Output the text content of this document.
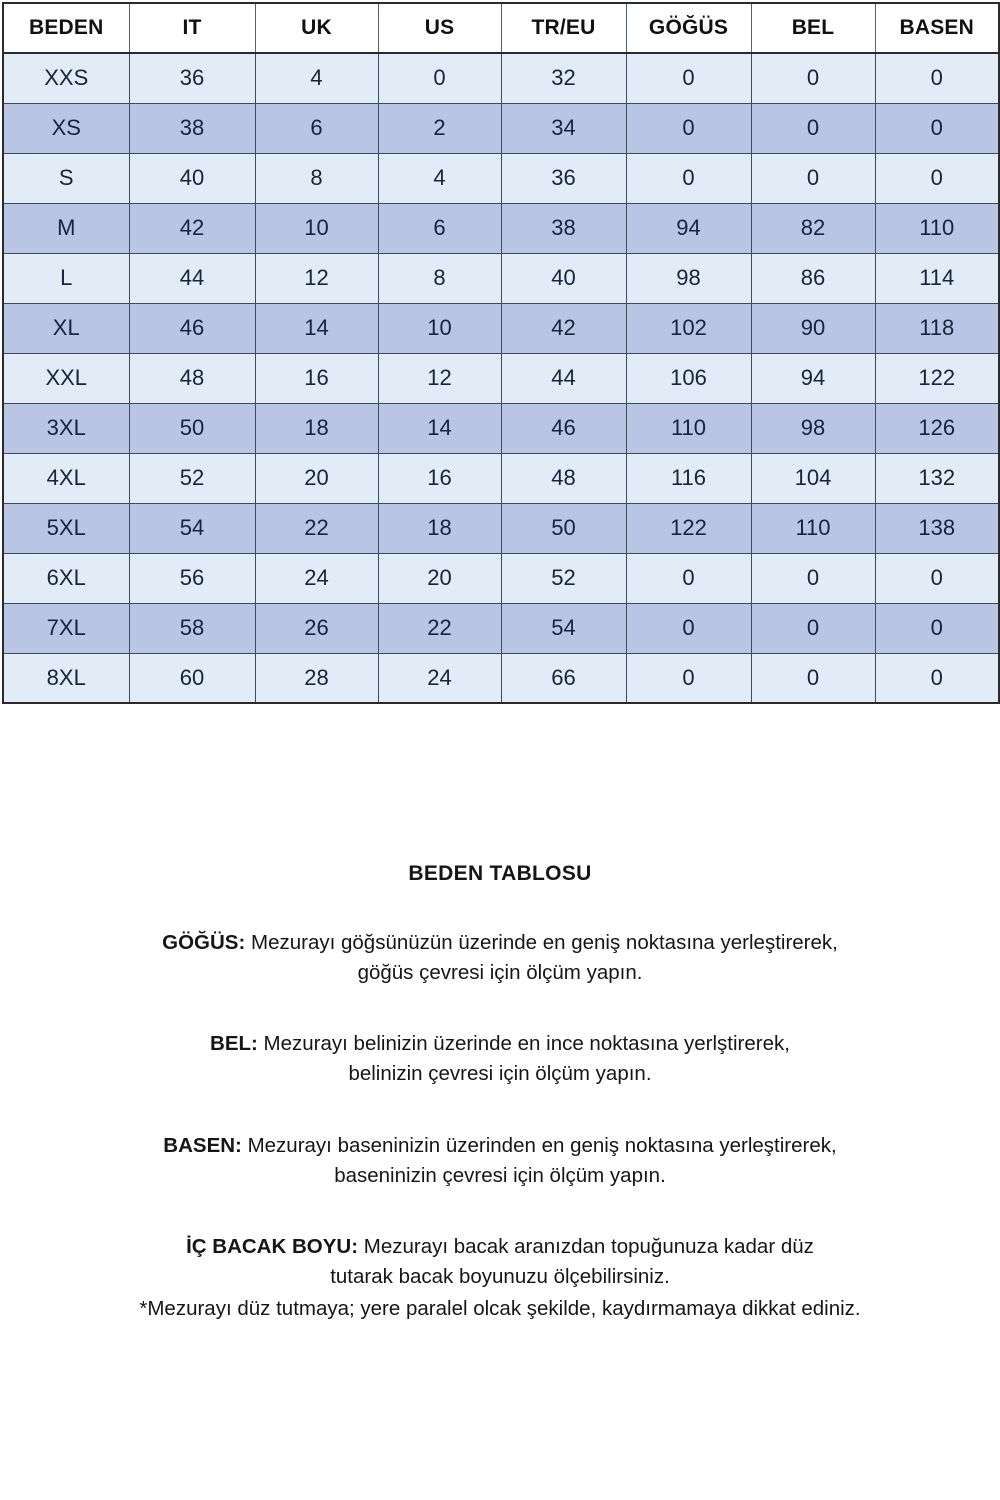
BEDEN	IT	UK	US	TR/EU	GÖĞÜS	BEL	BASEN
XXS	36	4	0	32	0	0	0
XS	38	6	2	34	0	0	0
S	40	8	4	36	0	0	0
M	42	10	6	38	94	82	110
L	44	12	8	40	98	86	114
XL	46	14	10	42	102	90	118
XXL	48	16	12	44	106	94	122
3XL	50	18	14	46	110	98	126
4XL	52	20	16	48	116	104	132
5XL	54	22	18	50	122	110	138
6XL	56	24	20	52	0	0	0
7XL	58	26	22	54	0	0	0
8XL	60	28	24	66	0	0	0
BEDEN TABLOSU
GÖĞÜS: Mezurayı göğsünüzün üzerinde en geniş noktasına yerleştirerek,
göğüs çevresi için ölçüm yapın.
BEL: Mezurayı belinizin üzerinde en ince noktasına yerlştirerek,
belinizin çevresi için ölçüm yapın.
BASEN: Mezurayı baseninizin üzerinden en geniş noktasına yerleştirerek,
baseninizin çevresi için ölçüm yapın.
İÇ BACAK BOYU: Mezurayı bacak aranızdan topuğunuza kadar düz
tutarak bacak boyunuzu ölçebilirsiniz.
*Mezurayı düz tutmaya; yere paralel olcak şekilde, kaydırmamaya dikkat ediniz.
